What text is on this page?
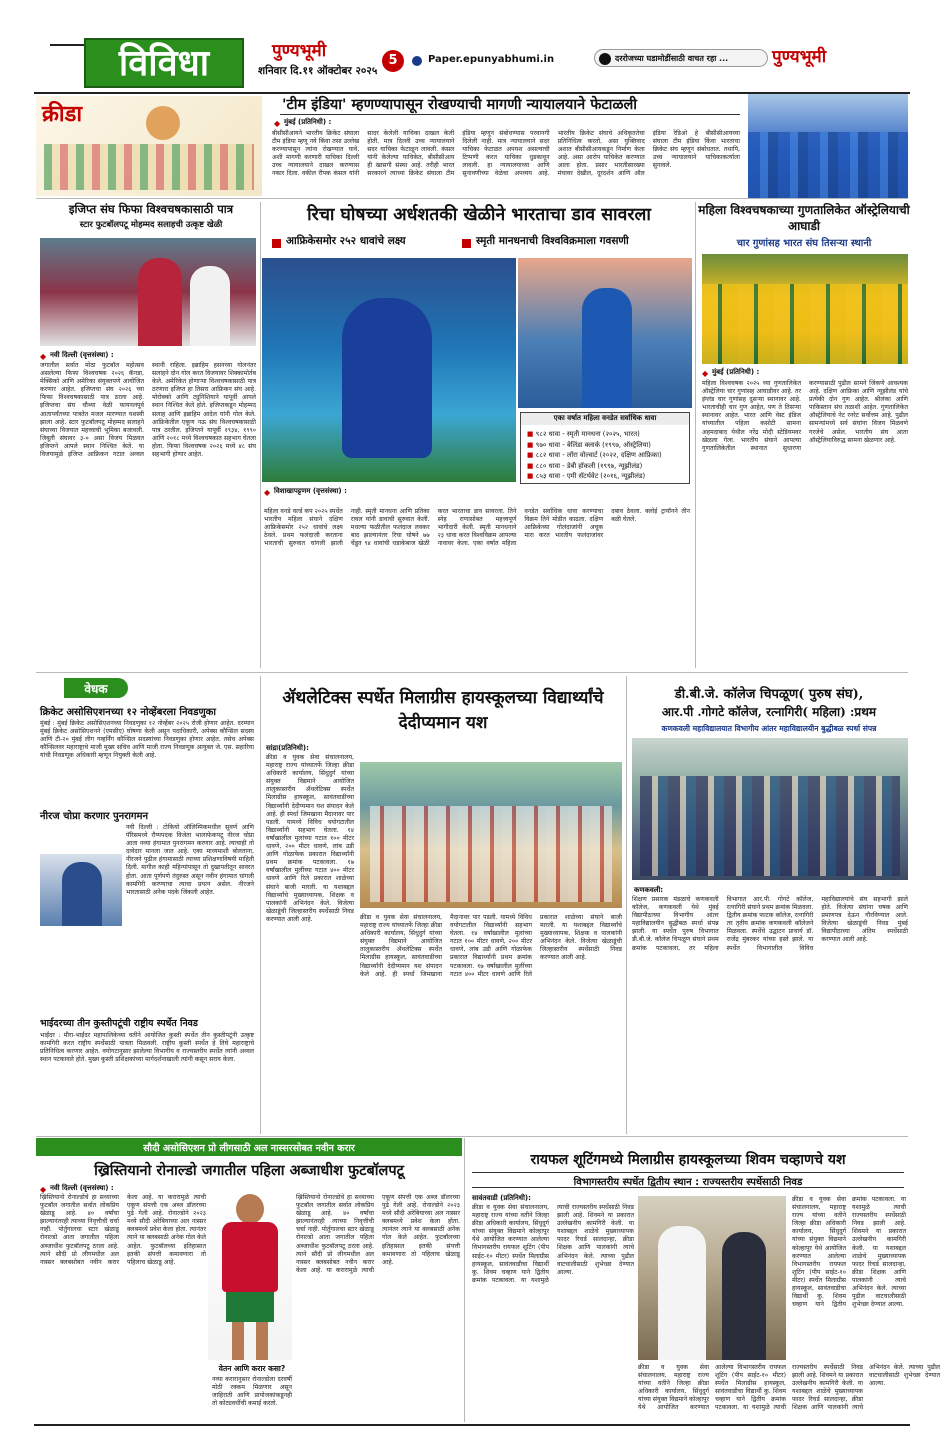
विविधा	पुण्यभूमी
शनिवार दि.११ ऑक्टोबर २०२५
5	Paper.epunyabhumi.in	दररोजच्या घडामोडींसाठी वाचत रहा ...	पुण्यभूमी
क्रीडा	'टीम इंडिया' म्हणण्यापासून रोखण्याची मागणी न्यायालयाने फेटाळली
◆ मुंबई (प्रतिनिधी) :
बीसीसीआयने भारतीय क्रिकेट संघाला टीम इंडिया म्हणू नये किंवा तसा उल्लेख करण्यापासून त्यांना रोखण्यात यावे, अशी मागणी करणारी याचिका दिल्ली उच्च न्यायालयाने दाखल करण्यास नकार दिला. वकील रीपक कंसल यांनी सादर केलेली याचिका दाखल केली होती. मात्र दिल्ली उच्च न्यायालयाने सदर याचिका फेटाळून लावली. कंसल यांनी केलेल्या याचिकेत, बीसीसीआय ही खासगी संस्था आहे. तरीही भारत सरकारने त्याच्या क्रिकेट संघाला टीम इंडिया म्हणून संबोधण्यास परवानगी दिलेली नाही. मात्र न्यायालयाने सदर याचिका फेटाळत अपयश असल्याची टिप्पणी करत याचिका धुडकावून लावली. हा न्यायालयाच्या आणि सुनावणीच्या वेळेचा अपव्यय आहे. भारतीय क्रिकेट संघाचे अधिकृततेचा प्रतिनिधित्व करतो, असा युक्तिवाद अशात बीसीसीआयकडून निर्माण केला आहे. असा आरोप याचिकेत करण्यात आला होता. प्रसार भारतीसारख्या मंचावर देखील, दूरदर्शन आणि ऑल इंडिया रेडिओ हे बीसीसीआयच्या संघाला टीम इंडिया किंवा भारताचा क्रिकेट संघ म्हणून संबोधतात. तथापि, उच्च न्यायालयाने याचिकाकर्त्याला सुनावले.
इजिप्त संघ फिफा विश्वचषकासाठी पात्र
स्टार फुटबॉलपटू मोहम्मद सलाहची उत्कृष्ट खेळी
◆ नवी दिल्ली (वृत्तसंस्था) :
जगातील सर्वात मोठा फुटबॉल महोत्सव असलेल्या फिफा विश्वचषक २०२६ कॅनडा, मेक्सिको आणि अमेरिका संयुक्तपणे आयोजित करणार आहेत. इजिप्तचा संघ २०२६ च्या फिफा विश्वचषकासाठी पात्र ठरला आहे. इजिप्तचा संघ चौथ्या वेळी फायनलपूर्व आतापर्यंतच्या पात्रतेत मजल मारण्यात यशस्वी झाला आहे. स्टार फुटबॉलपटू मोहम्मद सलाहने संघाच्या विजयात महत्त्वाची भूमिका बजावली. जिबूती संघावर ३-० असा विजय मिळवत इजिप्तने आपले स्थान निश्चित केले. या विजयामुळे इजिप्त आफ्रिकन गटात अव्वल स्थानी राहिला. इब्राहिम हसनच्या गोलनंतर सलाहने दोन गोल करत विजयावर शिक्कामोर्तब केले. अमेरिकेत होणाऱ्या विश्वचषकासाठी पात्र ठरणारा इजिप्त हा तिसरा आफ्रिकन संघ आहे. मोरोक्को आणि ट्युनिशियाने यापूर्वी आपले स्थान निश्चित केले होते. इजिप्तकडून मोहम्मद सलाह आणि इब्राहिम आदेल यांनी गोल केले. आफ्रिकेतील एकूण नऊ संघ विश्वचषकासाठी पात्र ठरतील. इजिप्तने यापूर्वी १९३४, १९९० आणि २०१८ मध्ये विश्वचषकात सहभाग घेतला होता. फिफा विश्वचषक २०२६ मध्ये ४८ संघ सहभागी होणार आहेत.
रिचा घोषच्या अर्धशतकी खेळीने भारताचा डाव सावरला
आफ्रिकेसमोर २५२ धावांचे लक्ष्य	स्मृती मानधनाची विश्वविक्रमाला गवसणी
एका वर्षात महिला वनडेत सर्वाधिक धावा
■ ९८२ धावा - स्मृती मानधना (२०२५, भारत)
■ ९७० धावा - बेलिंडा क्लार्क (१९९७, ऑस्ट्रेलिया)
■ ८८२ धावा - लॉरा वोल्वार्ट (२०२२, दक्षिण आफ्रिका)
■ ८८० धावा - डेबी हॉकली (१९९७, न्यूझीलंड)
■ ८५३ धावा - एमी सॅटर्थवेट (२०१६, न्यूझीलंड)
◆ विशाखापट्टणम (वृत्तसंस्था) :
महिला वनडे वर्ल्ड कप २०२५ स्पर्धेत भारतीय महिला संघाने दक्षिण आफ्रिकेसमोर २५२ धावांचे लक्ष्य ठेवले. प्रथम फलंदाजी करताना भारताची सुरुवात चांगली झाली नाही. स्मृती मानधना आणि प्रतिका रावल यांनी डावाची सुरुवात केली. मधल्या फळीतील फलंदाज लवकर बाद झाल्यानंतर रिचा घोषने ७७ चेंडूत ९४ धावांची धडाकेबाज खेळी करत भारताचा डाव सावरला. तिने स्नेह राणासोबत महत्त्वपूर्ण भागीदारी केली. स्मृती मानधनाने २३ धावा करत विश्वविक्रम आपल्या नावावर केला. एका वर्षात महिला वनडेत सर्वाधिक धावा करण्याचा विक्रम तिने मोडीत काढला. दक्षिण आफ्रिकेच्या गोलंदाजांनी अचूक मारा करत भारतीय फलंदाजांवर दबाव ठेवला. क्लोई ट्रायॉनने तीन बळी घेतले.
महिला विश्वचषकाच्या गुणतालिकेत ऑस्ट्रेलियाची आघाडी
चार गुणांसह भारत संघ तिसऱ्या स्थानी
◆ मुंबई (प्रतिनिधी) :
महिला विश्वचषक २०२५ च्या गुणतालिकेत ऑस्ट्रेलिया चार गुणांसह आघाडीवर आहे. तर इंग्लंड चार गुणांसह दुसऱ्या स्थानावर आहे. भारताचीही चार गुण आहेत, पण ते तिसऱ्या स्थानावर आहेत. भारत आणि वेस्ट इंडिज यांच्यातील पहिला कसोटी सामना अहमदाबाद येथील नरेंद्र मोदी स्टेडियमवर खेळला गेला. भारतीय संघाने आपल्या गुणतालिकेतील स्थानात सुधारणा करण्यासाठी पुढील सामने जिंकणे आवश्यक आहे. दक्षिण आफ्रिका आणि न्यूझीलंड यांचे प्रत्येकी दोन गुण आहेत. श्रीलंका आणि पाकिस्तान संघ तळाशी आहेत. गुणतालिकेत ऑस्ट्रेलियाचे नेट रनरेट सर्वोत्तम आहे. पुढील सामन्यांमध्ये सर्व संघांना विजय मिळवणे गरजेचे असेल. भारतीय संघ आता ऑस्ट्रेलियाविरुद्ध सामना खेळणार आहे.
वेधक
क्रिकेट असोसिएशनच्या १२ नोव्हेंबरला निवडणुका
मुंबई : मुंबई क्रिकेट असोसिएशनच्या निवडणुका १२ नोव्हेंबर २०२५ रोजी होणार आहेत. दरम्यान मुंबई क्रिकेट असोसिएशनने (एमसीए) घोषणा केली असून पदाधिकारी, अपेक्स कौन्सिल सदस्य आणि टी-२० मुंबई लीग गव्हर्निंग कौन्सिल सदस्यांच्या निवडणुका होणार आहेत. तसेच अपेक्स कौन्सिलवर महाराष्ट्राचे माजी मुख्य सचिव आणि माजी राज्य निवडणूक आयुक्त जे. एस. सहारिया यांची निवडणूक अधिकारी म्हणून नियुक्ती केली आहे.
नीरज चोप्रा करणार पुनरागमन
नवी दिल्ली : टोकियो ऑलिम्पिकमधील सुवर्ण आणि पॅरिसमध्ये रौप्यपदक विजेता भालाफेकपटू नीरज चोप्रा आता नव्या हंगामात पुनरागमन करणार आहे. त्याचाही तो दावेदार मानला जात आहे. एका माध्यमाशी बोलताना, नीरजने पुढील हंगामासाठी त्याच्या प्रशिक्षणाविषयी माहिती दिली. मागील काही महिन्यांपासून तो दुखापतीतून सावरत होता. आता पूर्णपणे तंदुरुस्त असून नवीन हंगामात चांगली कामगिरी करण्याचा त्याचा प्रयत्न असेल. नीरजने भारतासाठी अनेक पदके जिंकली आहेत.
भाईदरच्या तीन कुस्तीपटूंची राष्ट्रीय स्पर्धेत निवड
भाईंदर : मीरा-भाईंदर महापालिकेच्या वतीने आयोजित कुस्ती स्पर्धेत तीन कुस्तीपटूंनी उत्कृष्ट कामगिरी करत राष्ट्रीय स्पर्धेसाठी पात्रता मिळवली. राष्ट्रीय कुस्ती स्पर्धेत हे तिघे महाराष्ट्राचे प्रतिनिधित्व करणार आहेत. वयोगटानुसार झालेल्या विभागीय व राज्यस्तरीय स्पर्धेत त्यांनी अव्वल स्थान पटकावले होते. मुख्य कुस्ती प्रशिक्षकांच्या मार्गदर्शनाखाली त्यांनी कसून सराव केला.
ॲथलेटिक्स स्पर्धेत मिलाग्रीस हायस्कूलच्या विद्यार्थ्यांचे देदीप्यमान यश
सांद्रा(प्रतिनिधी):
क्रीडा व युवक सेवा संचालनालय, महाराष्ट्र राज्य यांच्यातर्फे जिल्हा क्रीडा अधिकारी कार्यालय, सिंधुदुर्ग यांच्या संयुक्त विद्यमाने आयोजित तालुकास्तरीय ॲथलेटिक्स स्पर्धेत मिलाग्रीस हायस्कूल, सावंतवाडीच्या विद्यार्थ्यांनी देदीप्यमान यश संपादन केले आहे. ही स्पर्धा जिमखाना मैदानावर पार पडली. यामध्ये विविध वयोगटातील विद्यार्थ्यांनी सहभाग घेतला. १४ वर्षांखालील मुलांच्या गटात १०० मीटर धावणे, २०० मीटर धावणे, लांब उडी आणि गोळाफेक प्रकारात विद्यार्थ्यांनी प्रथम क्रमांक पटकावला. १७ वर्षांखालील मुलींच्या गटात ४०० मीटर धावणे आणि रिले प्रकारात शाळेच्या संघाने बाजी मारली. या यशाबद्दल विद्यार्थ्यांचे मुख्याध्यापक, शिक्षक व पालकांनी अभिनंदन केले. विजेत्या खेळाडूंची जिल्हास्तरीय स्पर्धेसाठी निवड करण्यात आली आहे.	क्रीडा व युवक सेवा संचालनालय, महाराष्ट्र राज्य यांच्यातर्फे जिल्हा क्रीडा अधिकारी कार्यालय, सिंधुदुर्ग यांच्या संयुक्त विद्यमाने आयोजित तालुकास्तरीय ॲथलेटिक्स स्पर्धेत मिलाग्रीस हायस्कूल, सावंतवाडीच्या विद्यार्थ्यांनी देदीप्यमान यश संपादन केले आहे. ही स्पर्धा जिमखाना मैदानावर पार पडली. यामध्ये विविध वयोगटातील विद्यार्थ्यांनी सहभाग घेतला. १४ वर्षांखालील मुलांच्या गटात १०० मीटर धावणे, २०० मीटर धावणे, लांब उडी आणि गोळाफेक प्रकारात विद्यार्थ्यांनी प्रथम क्रमांक पटकावला. १७ वर्षांखालील मुलींच्या गटात ४०० मीटर धावणे आणि रिले प्रकारात शाळेच्या संघाने बाजी मारली. या यशाबद्दल विद्यार्थ्यांचे मुख्याध्यापक, शिक्षक व पालकांनी अभिनंदन केले. विजेत्या खेळाडूंची जिल्हास्तरीय स्पर्धेसाठी निवड करण्यात आली आहे.
डी.बी.जे. कॉलेज चिपळूण( पुरुष संघ),
आर.पी .गोगटे कॉलेज, रत्नागिरी( महिला) :प्रथम
कणकवली महाविद्यालयात विभागीय आंतर महाविद्यालयीन बुद्धीबळ स्पर्धा संपन्न
कणकवली:
शिक्षण प्रसारक मंडळाचे कणकवली कॉलेज, कणकवली येथे मुंबई विद्यापीठाच्या विभागीय आंतर महाविद्यालयीन बुद्धीबळ स्पर्धा संपन्न झाली. या स्पर्धेत पुरुष विभागात डी.बी.जे. कॉलेज चिपळूण संघाने प्रथम क्रमांक पटकावला, तर महिला विभागात आर.पी. गोगटे कॉलेज, रत्नागिरी संघाने प्रथम क्रमांक मिळवला. द्वितीय क्रमांक फाटक कॉलेज, रत्नागिरी तर तृतीय क्रमांक कणकवली कॉलेजने मिळवला. स्पर्धेचे उद्घाटन प्राचार्य डॉ. राजेंद्र मुंबरकर यांच्या हस्ते झाले. या स्पर्धेत विभागातील विविध महाविद्यालयांचे संघ सहभागी झाले होते. विजेत्या संघांना चषक आणि प्रमाणपत्र देऊन गौरविण्यात आले. विजेत्या खेळाडूंची निवड मुंबई विद्यापीठाच्या अंतिम स्पर्धेसाठी करण्यात आली आहे.
सौदी असोसिएशन प्रो लीगसाठी अल नास्सरसोबत नवीन करार
ख्रिस्तियानो रोनाल्डो जगातील पहिला अब्जाधीश फुटबॉलपटू
◆ नवी दिल्ली (वृत्तसंस्था) :
ख्रिस्तियानो रोनाल्डोचे हा सध्याच्या फुटबॉल जगातील सर्वात लोकप्रिय खेळाडू आहे. ४० वर्षांचा झाल्यानंतरही त्याच्या निवृत्तीची चर्चा नाही. पोर्तुगालचा स्टार खेळाडू रोनाल्डो आता जगातील पहिला अब्जाधीश फुटबॉलपटू ठरला आहे. त्याने सौदी प्रो लीगमधील अल नास्सर क्लबसोबत नवीन करार केला आहे. या करारामुळे त्याची एकूण संपत्ती एक अब्ज डॉलरच्या पुढे गेली आहे. रोनाल्डोने २०२३ मध्ये सौदी अरेबियाच्या अल नास्सर क्लबमध्ये प्रवेश केला होता. त्यानंतर त्याने या क्लबसाठी अनेक गोल केले आहेत. फुटबॉलच्या इतिहासात इतकी संपत्ती कमावणारा तो पहिलाच खेळाडू आहे.
ख्रिस्तियानो रोनाल्डोचे हा सध्याच्या फुटबॉल जगातील सर्वात लोकप्रिय खेळाडू आहे. ४० वर्षांचा झाल्यानंतरही त्याच्या निवृत्तीची चर्चा नाही. पोर्तुगालचा स्टार खेळाडू रोनाल्डो आता जगातील पहिला अब्जाधीश फुटबॉलपटू ठरला आहे. त्याने सौदी प्रो लीगमधील अल नास्सर क्लबसोबत नवीन करार केला आहे. या करारामुळे त्याची एकूण संपत्ती एक अब्ज डॉलरच्या पुढे गेली आहे. रोनाल्डोने २०२३ मध्ये सौदी अरेबियाच्या अल नास्सर क्लबमध्ये प्रवेश केला होता. त्यानंतर त्याने या क्लबसाठी अनेक गोल केले आहेत. फुटबॉलच्या इतिहासात इतकी संपत्ती कमावणारा तो पहिलाच खेळाडू आहे.
वेतन आणि करार कसा?
नव्या करारानुसार रोनाल्डोला दरवर्षी मोठी रक्कम मिळणार असून जाहिराती आणि प्रायोजकांकडूनही तो कोट्यवधींची कमाई करतो.
रायफल शूटिंगमध्ये मिलाग्रीस हायस्कूलच्या शिवम चव्हाणचे यश
विभागस्तरीय स्पर्धेत द्वितीय स्थान : राज्यस्तरीय स्पर्धेसाठी निवड
सावंतवाडी (प्रतिनिधी):
क्रीडा व युवक सेवा संचालनालय, महाराष्ट्र राज्य यांच्या वतीने जिल्हा क्रीडा अधिकारी कार्यालय, सिंधुदुर्ग यांच्या संयुक्त विद्यमाने कोल्हापूर येथे आयोजित करण्यात आलेल्या विभागस्तरीय रायफल शूटिंग (पीप साईट-१० मीटर) स्पर्धेत मिलाग्रीस हायस्कूल, सावंतवाडीचा विद्यार्थी कु. शिवम चव्हाण याने द्वितीय क्रमांक पटकावला. या यशामुळे त्याची राज्यस्तरीय स्पर्धेसाठी निवड झाली आहे. शिवमने या प्रकारात उल्लेखनीय कामगिरी केली. या यशाबद्दल शाळेचे मुख्याध्यापक फादर रिचर्ड सालदान्हा, क्रीडा शिक्षक आणि पालकांनी त्याचे अभिनंदन केले. त्याच्या पुढील वाटचालीसाठी शुभेच्छा देण्यात आल्या.
क्रीडा व युवक सेवा संचालनालय, महाराष्ट्र राज्य यांच्या वतीने जिल्हा क्रीडा अधिकारी कार्यालय, सिंधुदुर्ग यांच्या संयुक्त विद्यमाने कोल्हापूर येथे आयोजित करण्यात आलेल्या विभागस्तरीय रायफल शूटिंग (पीप साईट-१० मीटर) स्पर्धेत मिलाग्रीस हायस्कूल, सावंतवाडीचा विद्यार्थी कु. शिवम चव्हाण याने द्वितीय क्रमांक पटकावला. या यशामुळे त्याची राज्यस्तरीय स्पर्धेसाठी निवड झाली आहे. शिवमने या प्रकारात उल्लेखनीय कामगिरी केली. या यशाबद्दल शाळेचे मुख्याध्यापक फादर रिचर्ड सालदान्हा, क्रीडा शिक्षक आणि पालकांनी त्याचे अभिनंदन केले. त्याच्या पुढील वाटचालीसाठी शुभेच्छा देण्यात आल्या.
क्रीडा व युवक सेवा संचालनालय, महाराष्ट्र राज्य यांच्या वतीने जिल्हा क्रीडा अधिकारी कार्यालय, सिंधुदुर्ग यांच्या संयुक्त विद्यमाने कोल्हापूर येथे आयोजित करण्यात आलेल्या विभागस्तरीय रायफल शूटिंग (पीप साईट-१० मीटर) स्पर्धेत मिलाग्रीस हायस्कूल, सावंतवाडीचा विद्यार्थी कु. शिवम चव्हाण याने द्वितीय क्रमांक पटकावला. या यशामुळे त्याची राज्यस्तरीय स्पर्धेसाठी निवड झाली आहे. शिवमने या प्रकारात उल्लेखनीय कामगिरी केली. या यशाबद्दल शाळेचे मुख्याध्यापक फादर रिचर्ड सालदान्हा, क्रीडा शिक्षक आणि पालकांनी त्याचे अभिनंदन केले. त्याच्या पुढील वाटचालीसाठी शुभेच्छा देण्यात आल्या.
